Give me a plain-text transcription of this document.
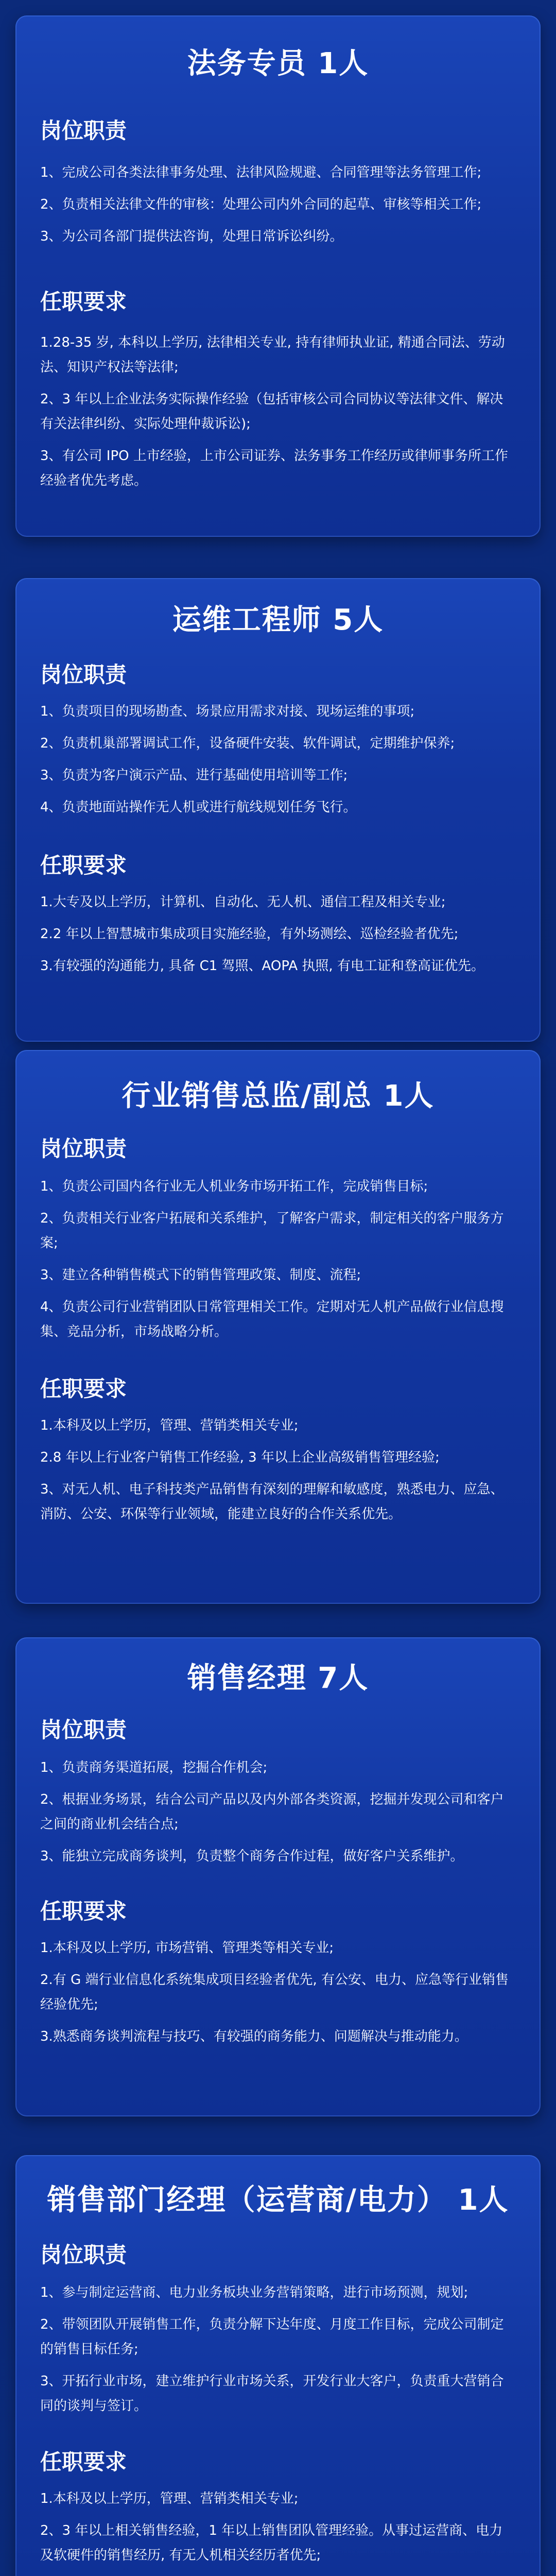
法务专员 1人
岗位职责
1、完成公司各类法律事务处理、法律风险规避、合同管理等法务管理工作;
2、负责相关法律文件的审核：处理公司内外合同的起草、审核等相关工作;
3、为公司各部门提供法咨询，处理日常诉讼纠纷。
任职要求
1.28-35 岁, 本科以上学历, 法律相关专业, 持有律师执业证, 精通合同法、劳动法、知识产权法等法律;
2、3 年以上企业法务实际操作经验（包括审核公司合同协议等法律文件、解决有关法律纠纷、实际处理仲裁诉讼);
3、有公司 IPO 上市经验，上市公司证券、法务事务工作经历或律师事务所工作经验者优先考虑。
运维工程师 5人
岗位职责
1、负责项目的现场勘查、场景应用需求对接、现场运维的事项;
2、负责机巢部署调试工作，设备硬件安装、软件调试，定期维护保养;
3、负责为客户演示产品、进行基础使用培训等工作;
4、负责地面站操作无人机或进行航线规划任务飞行。
任职要求
1.大专及以上学历，计算机、自动化、无人机、通信工程及相关专业;
2.2 年以上智慧城市集成项目实施经验，有外场测绘、巡检经验者优先;
3.有较强的沟通能力, 具备 C1 驾照、AOPA 执照, 有电工证和登高证优先。
行业销售总监/副总 1人
岗位职责
1、负责公司国内各行业无人机业务市场开拓工作，完成销售目标;
2、负责相关行业客户拓展和关系维护，了解客户需求，制定相关的客户服务方案;
3、建立各种销售模式下的销售管理政策、制度、流程;
4、负责公司行业营销团队日常管理相关工作。定期对无人机产品做行业信息搜集、竞品分析，市场战略分析。
任职要求
1.本科及以上学历，管理、营销类相关专业;
2.8 年以上行业客户销售工作经验, 3 年以上企业高级销售管理经验;
3、对无人机、电子科技类产品销售有深刻的理解和敏感度，熟悉电力、应急、消防、公安、环保等行业领域，能建立良好的合作关系优先。
销售经理 7人
岗位职责
1、负责商务渠道拓展，挖掘合作机会;
2、根据业务场景，结合公司产品以及内外部各类资源，挖掘并发现公司和客户之间的商业机会结合点;
3、能独立完成商务谈判，负责整个商务合作过程，做好客户关系维护。
任职要求
1.本科及以上学历, 市场营销、管理类等相关专业;
2.有 G 端行业信息化系统集成项目经验者优先, 有公安、电力、应急等行业销售经验优先;
3.熟悉商务谈判流程与技巧、有较强的商务能力、问题解决与推动能力。
销售部门经理（运营商/电力） 1人
岗位职责
1、参与制定运营商、电力业务板块业务营销策略，进行市场预测，规划;
2、带领团队开展销售工作，负责分解下达年度、月度工作目标，完成公司制定的销售目标任务;
3、开拓行业市场，建立维护行业市场关系，开发行业大客户，负责重大营销合同的谈判与签订。
任职要求
1.本科及以上学历，管理、营销类相关专业;
2、3 年以上相关销售经验，1 年以上销售团队管理经验。从事过运营商、电力及软硬件的销售经历, 有无人机相关经历者优先;
